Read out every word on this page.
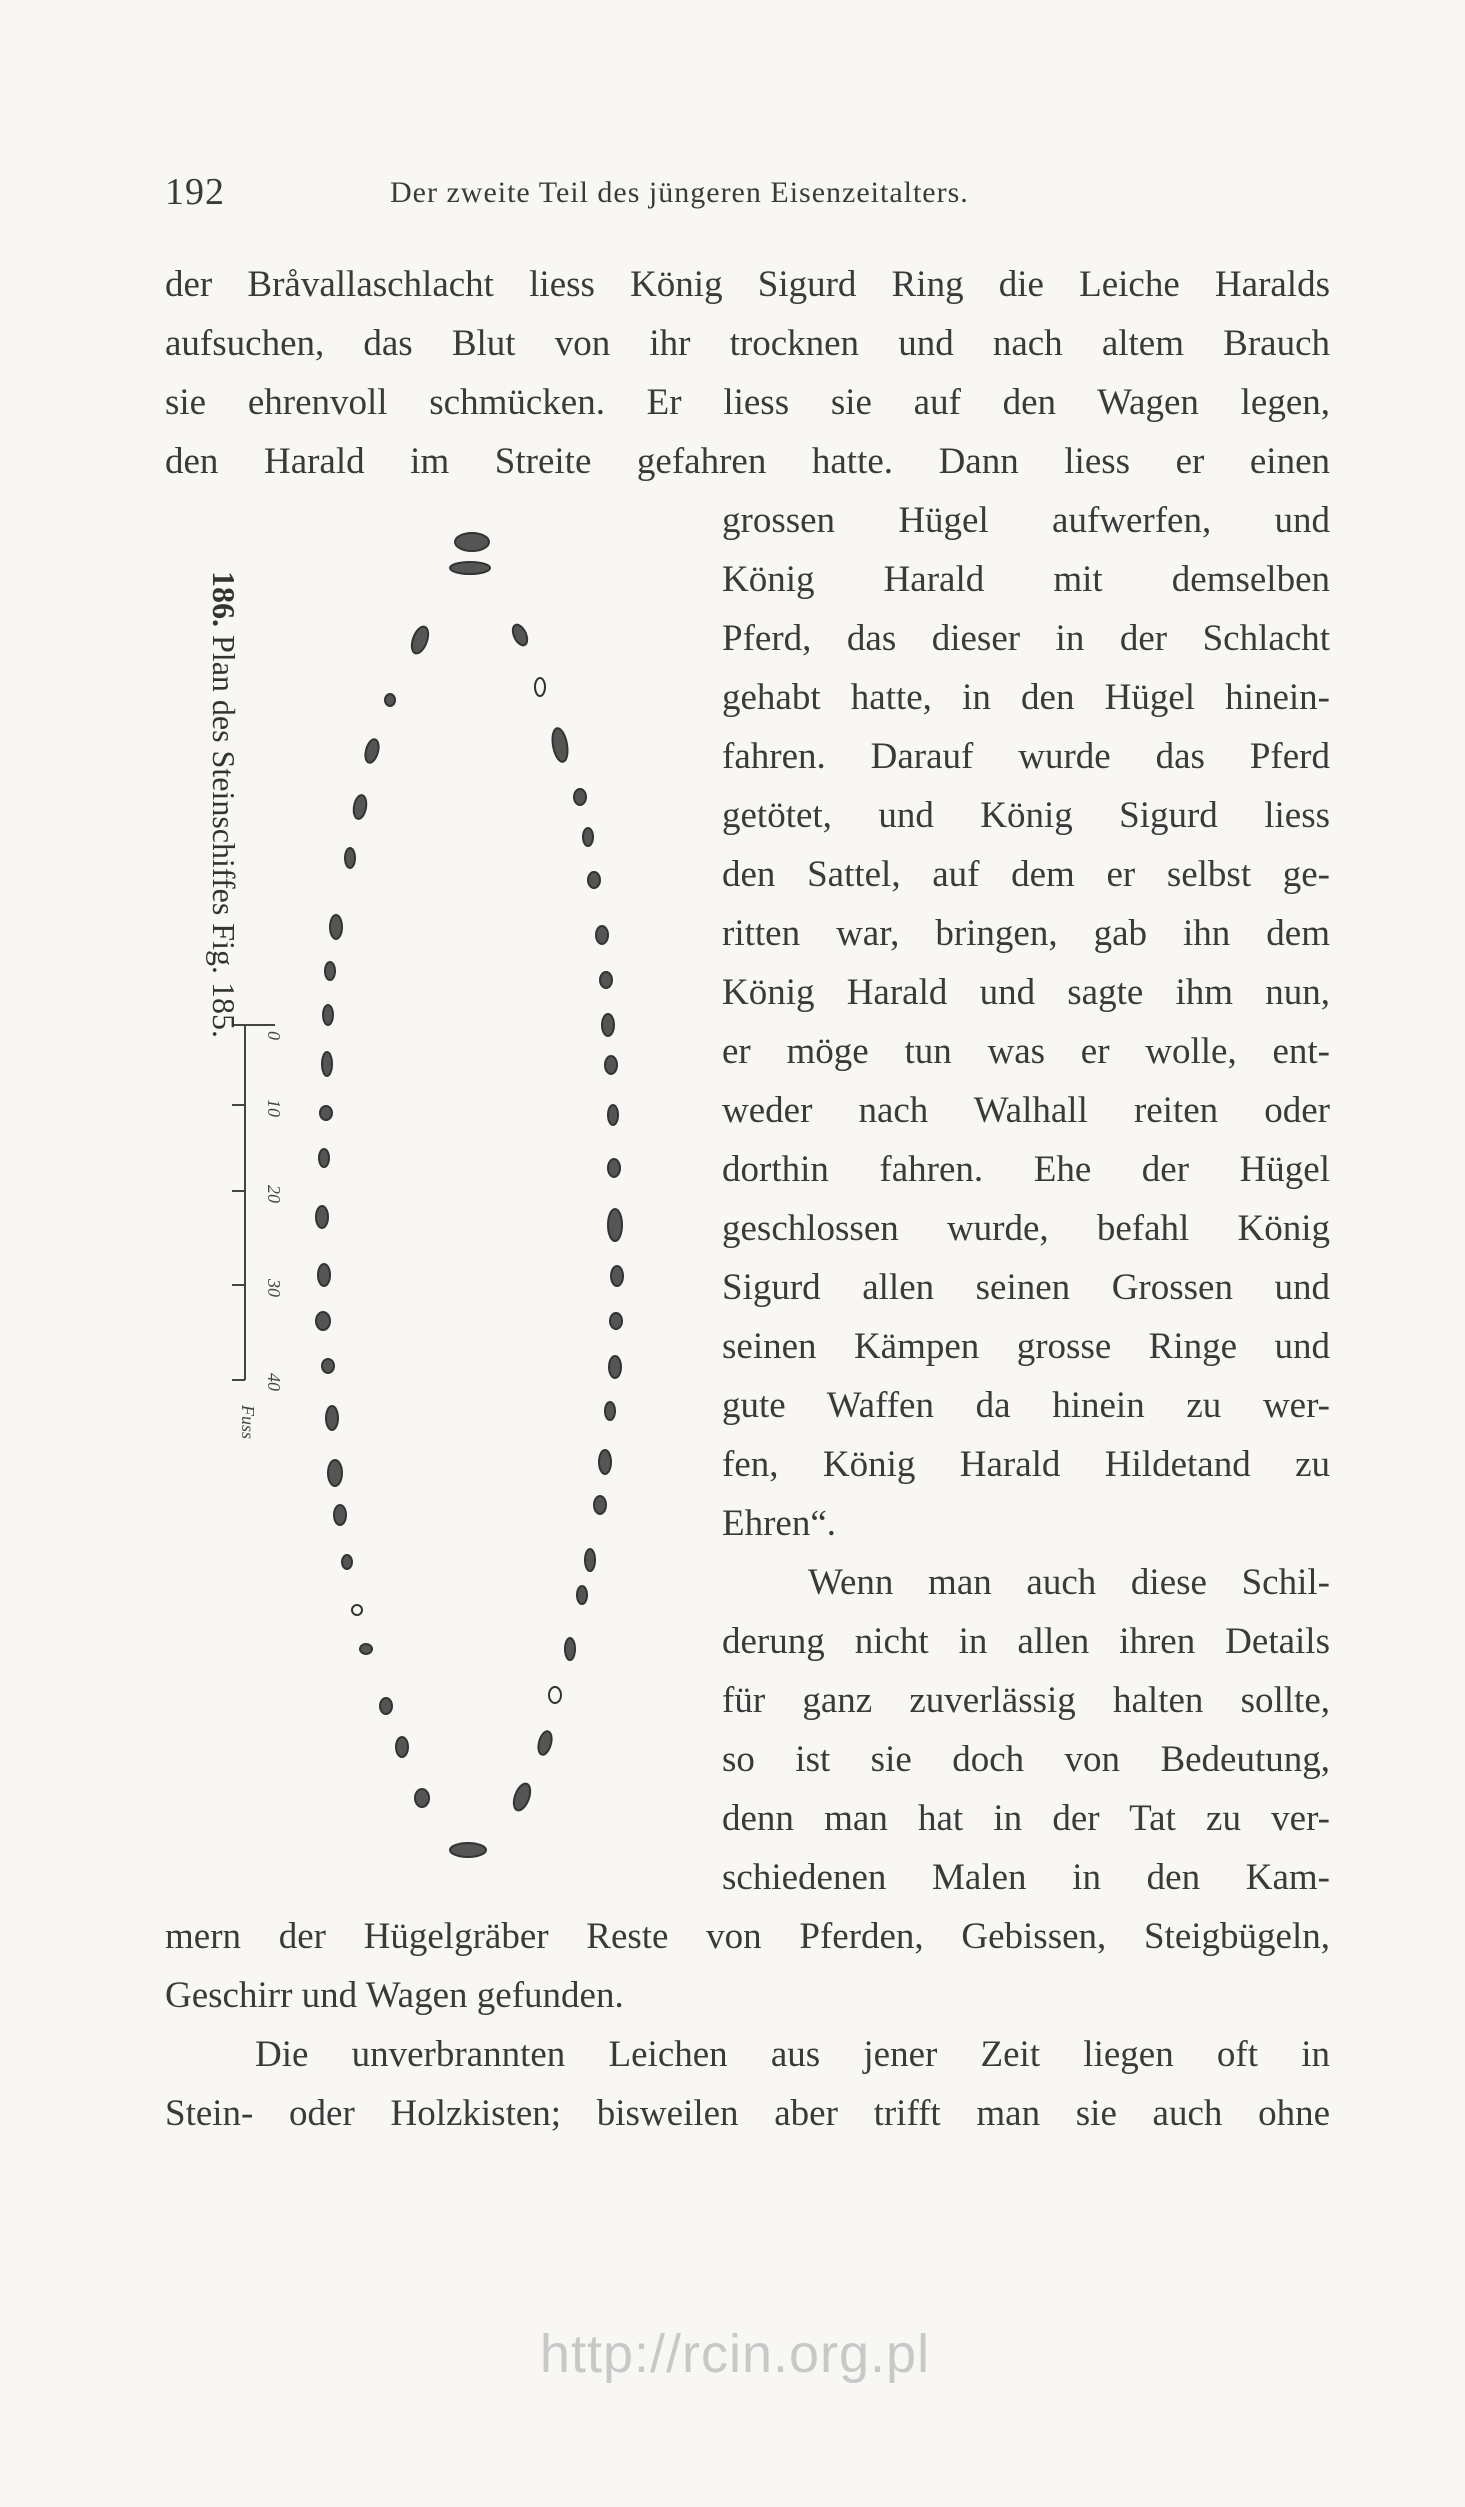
192	Der zweite Teil des jüngeren Eisenzeitalters.
der Bråvallaschlacht liess König Sigurd Ring die Leiche Haralds
aufsuchen, das Blut von ihr trocknen und nach altem Brauch
sie ehrenvoll schmücken. Er liess sie auf den Wagen legen,
den Harald im Streite gefahren hatte. Dann liess er einen
grossen Hügel aufwerfen, und
König Harald mit demselben
Pferd, das dieser in der Schlacht
gehabt hatte, in den Hügel hinein-
fahren. Darauf wurde das Pferd
getötet, und König Sigurd liess
den Sattel, auf dem er selbst ge-
ritten war, bringen, gab ihn dem
König Harald und sagte ihm nun,
er möge tun was er wolle, ent-
weder nach Walhall reiten oder
dorthin fahren. Ehe der Hügel
geschlossen wurde, befahl König
Sigurd allen seinen Grossen und
seinen Kämpen grosse Ringe und
gute Waffen da hinein zu wer-
fen, König Harald Hildetand zu
Ehren“.
Wenn man auch diese Schil-
derung nicht in allen ihren Details
für ganz zuverlässig halten sollte,
so ist sie doch von Bedeutung,
denn man hat in der Tat zu ver-
schiedenen Malen in den Kam-
mern der Hügelgräber Reste von Pferden, Gebissen, Steigbügeln,
Geschirr und Wagen gefunden.
Die unverbrannten Leichen aus jener Zeit liegen oft in
Stein- oder Holzkisten; bisweilen aber trifft man sie auch ohne
0
10
20
30
40
Fuss
186. Plan des Steinschiffes Fig. 185.
http://rcin.org.pl
